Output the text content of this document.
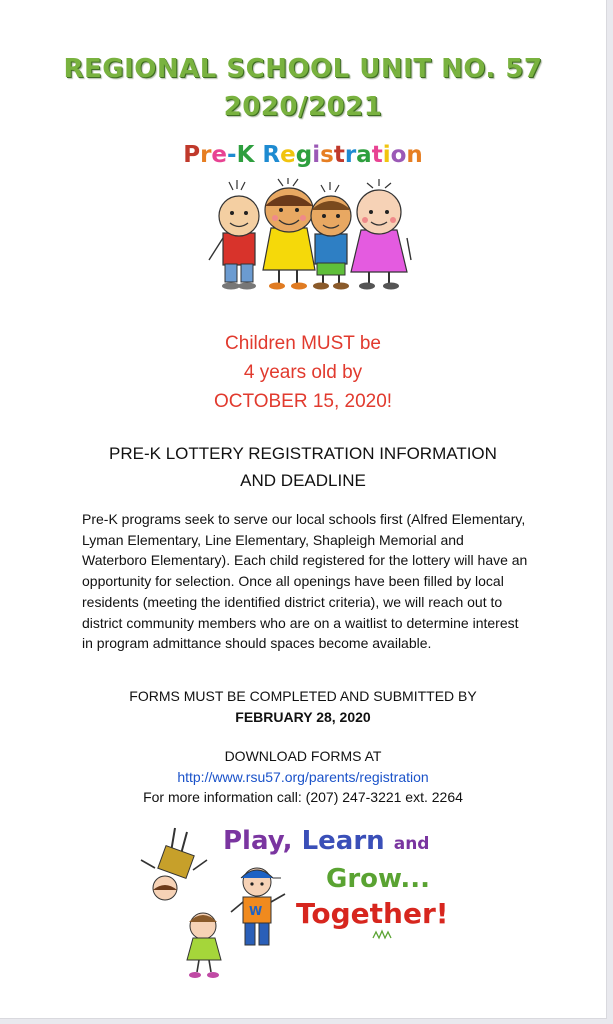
REGIONAL SCHOOL UNIT NO. 57
2020/2021
Pre-K Registration
Children MUST be
4 years old by
OCTOBER 15, 2020!
PRE-K LOTTERY REGISTRATION INFORMATION
AND DEADLINE
Pre-K programs seek to serve our local schools first (Alfred Elementary, Lyman Elementary, Line Elementary, Shapleigh Memorial and Waterboro Elementary). Each child registered for the lottery will have an opportunity for selection. Once all openings have been filled by local residents (meeting the identified district criteria), we will reach out to district community members who are on a waitlist to determine interest in program admittance should spaces become available.
FORMS MUST BE COMPLETED AND SUBMITTED BY
FEBRUARY 28, 2020
DOWNLOAD FORMS AT
http://www.rsu57.org/parents/registration
For more information call: (207) 247-3221 ext. 2264
W
Play, Learn and
Grow...
Together!
